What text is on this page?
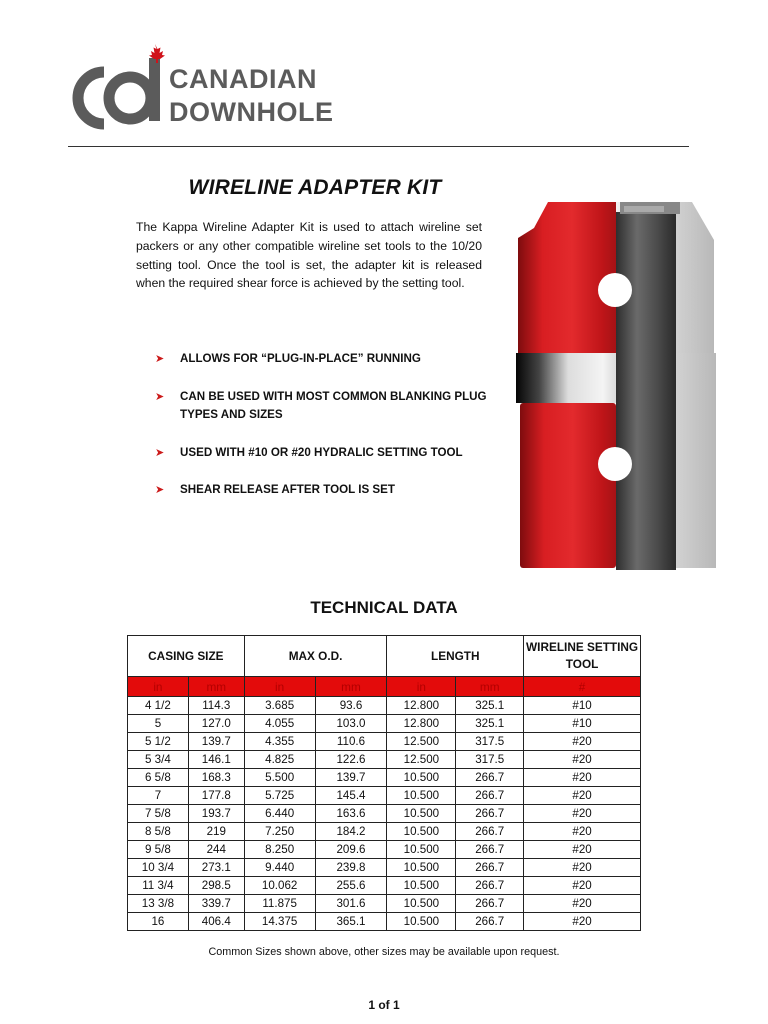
CANADIAN
DOWNHOLE
WIRELINE ADAPTER KIT
The Kappa Wireline Adapter Kit is used to attach wireline set packers or any other compatible wireline set tools to the 10/20 setting tool. Once the tool is set, the adapter kit is released when the required shear force is achieved by the setting tool.
➤ ALLOWS FOR “PLUG-IN-PLACE” RUNNING
➤ CAN BE USED WITH MOST COMMON BLANKING PLUG TYPES AND SIZES
➤ USED WITH #10 OR #20 HYDRALIC SETTING TOOL
➤ SHEAR RELEASE AFTER TOOL IS SET
TECHNICAL DATA
CASING SIZE		MAX O.D.		LENGTH		WIRELINE SETTING TOOL
in	mm	in	mm	in	mm	#
4 1/2	114.3	3.685	93.6	12.800	325.1	#10
5	127.0	4.055	103.0	12.800	325.1	#10
5 1/2	139.7	4.355	110.6	12.500	317.5	#20
5 3/4	146.1	4.825	122.6	12.500	317.5	#20
6 5/8	168.3	5.500	139.7	10.500	266.7	#20
7	177.8	5.725	145.4	10.500	266.7	#20
7 5/8	193.7	6.440	163.6	10.500	266.7	#20
8 5/8	219	7.250	184.2	10.500	266.7	#20
9 5/8	244	8.250	209.6	10.500	266.7	#20
10 3/4	273.1	9.440	239.8	10.500	266.7	#20
11 3/4	298.5	10.062	255.6	10.500	266.7	#20
13 3/8	339.7	11.875	301.6	10.500	266.7	#20
16	406.4	14.375	365.1	10.500	266.7	#20
Common Sizes shown above, other sizes may be available upon request.
1 of 1
